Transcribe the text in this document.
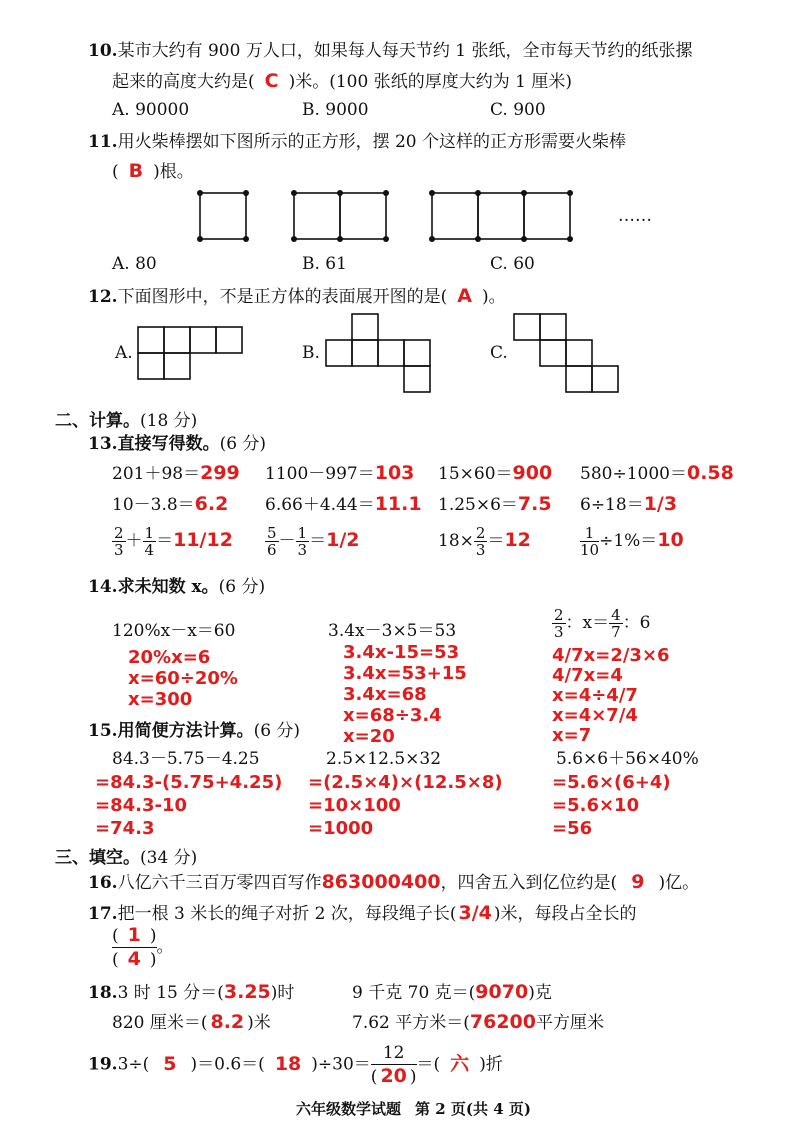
10.某市大约有 900 万人口，如果每人每天节约 1 张纸，全市每天节约的纸张摞
起来的高度大约是( C )米。(100 张纸的厚度大约为 1 厘米)
A. 90000	B. 9000	C. 900
11.用火柴棒摆如下图所示的正方形，摆 20 个这样的正方形需要火柴棒
( B )根。
……
A. 80	B. 61	C. 60
12.下面图形中，不是正方体的表面展开图的是( A )。
A.	B.	C.
二、计算。(18 分)
13.直接写得数。(6 分)
201＋98＝299 1100－997＝103 15×60＝900 580÷1000＝0.58
10－3.8＝6.2 6.66＋4.44＝11.1 1.25×6＝7.5 6÷18＝1/3
$\frac{2}{3} + \frac{1}{4} =11/12 \frac{5}{6} - \frac{1}{3} =1/2$	$18\times \frac{2}{3} =12$	$\frac{1}{10} \div 1\%=10$
14.求未知数 x。(6 分)
120%x－x＝60
20%x=6
x=60÷20%
x=300
3.4x－3×5＝53
3.4x-15=53
3.4x=53+15
3.4x=68
x=68÷3.4
x=20
$\frac{2}{3}$ ：$x= \frac{4}{7}$ ：6
4/7x=2/3×6
4/7x=4
x=4÷4/7
x=4×7/4
x=7
15.用简便方法计算。(6 分)
84.3－5.75－4.25
=84.3-(5.75+4.25)
=84.3-10
=74.3
2.5×12.5×32
=(2.5×4)×(12.5×8)
=10×100
=1000
5.6×6＋56×40%
=5.6×(6+4)
=5.6×10
=56
三、填空。(34 分)
16.八亿六千三百万零四百写作863000400，四舍五入到亿位约是( 9 )亿。
17.把一根 3 米长的绳子对折 2 次，每段绳子长( 3/4 )米，每段占全长的
$\frac{( 1 )}{( 4 )}$ 。
18.3 时 15 分＝(3.25)时	9 千克 70 克＝(9070)克
820 厘米＝( 8.2 )米	7.62 平方米＝(76200平方厘米
19.3÷( 5 )＝0.6＝( 18 )$\div 30= \frac{12}{( 20 )}$ ＝( 六 )折
六年级数学试题 第 2 页(共 4 页)
